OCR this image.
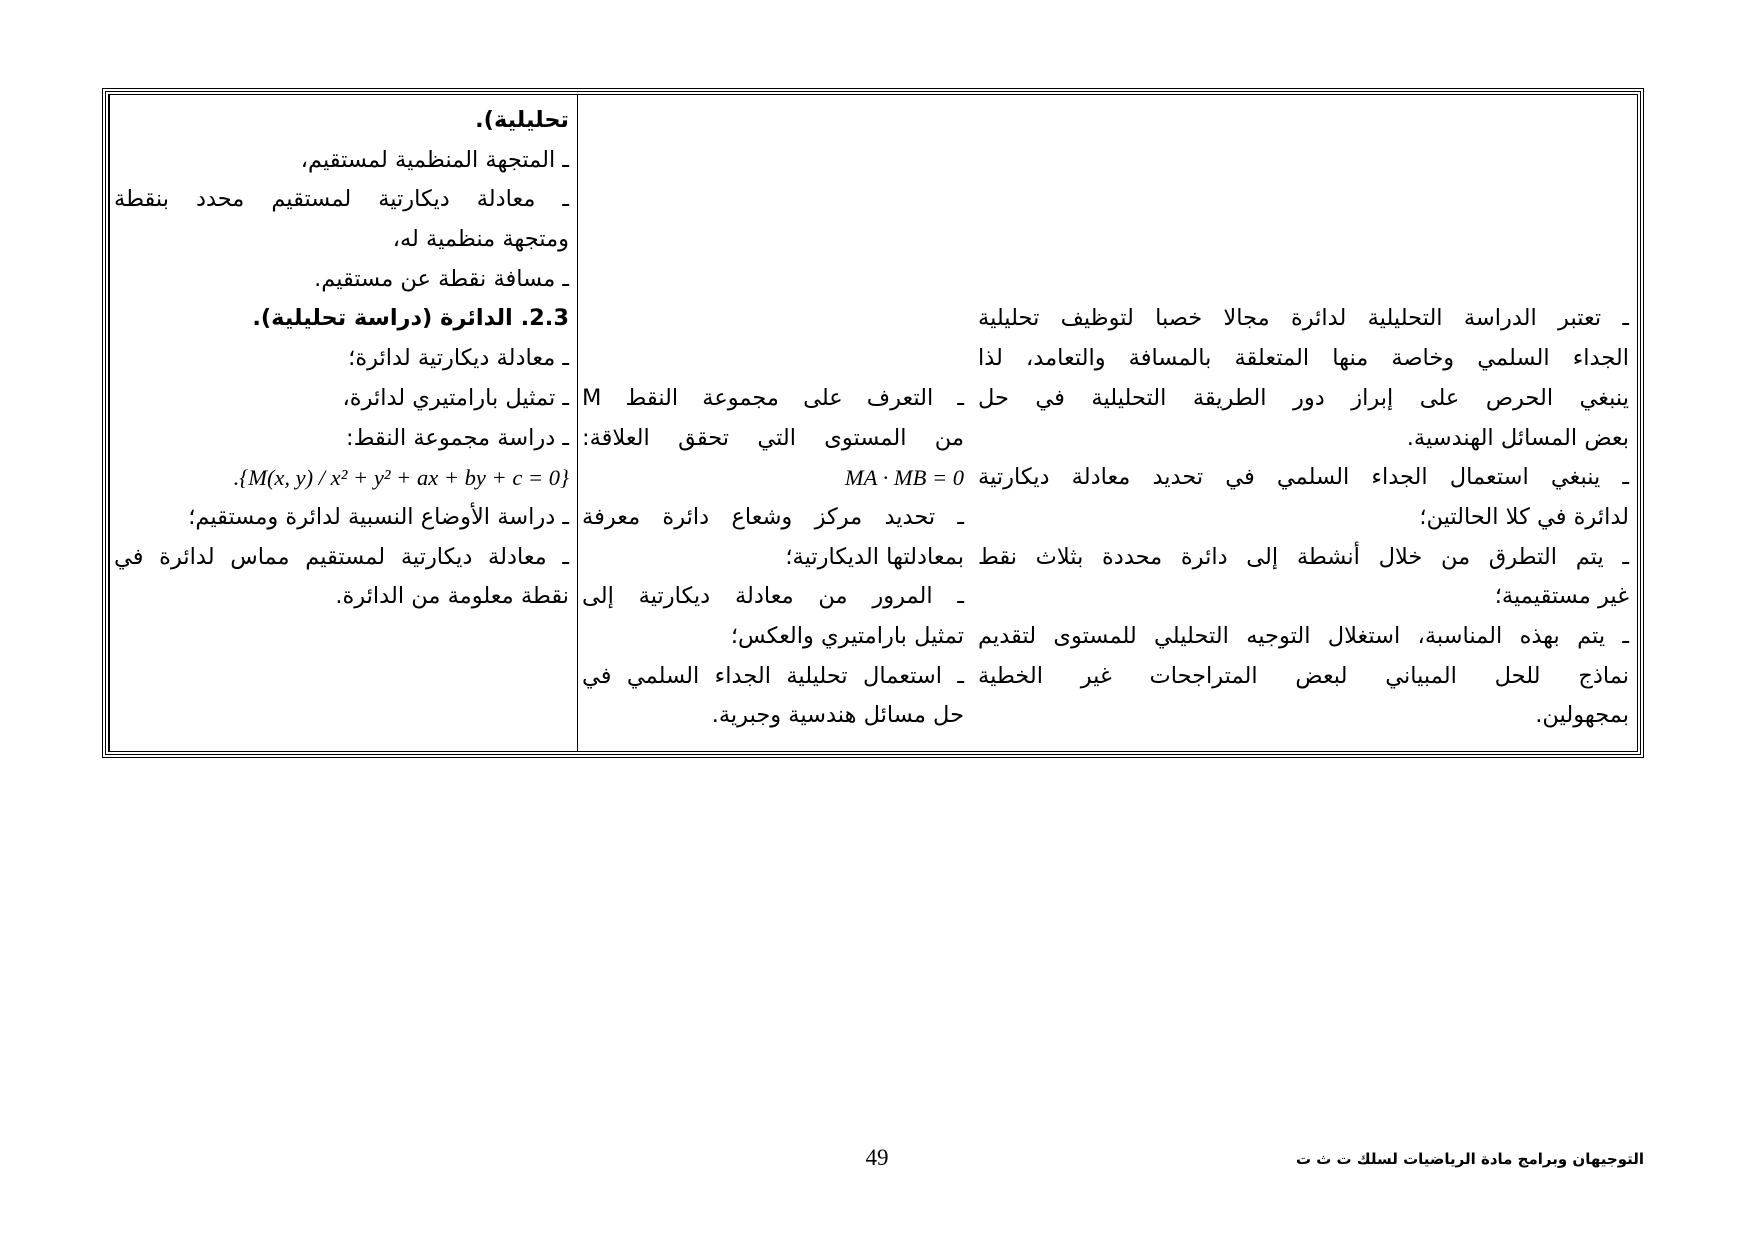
تحليلية).
ـ المتجهة المنظمية لمستقيم،
ـ معادلة ديكارتية لمستقيم محدد بنقطة
ومتجهة منظمية له،
ـ مسافة نقطة عن مستقيم.
2.3. الدائرة (دراسة تحليلية).
ـ معادلة ديكارتية لدائرة؛
ـ تمثيل بارامتيري لدائرة،
ـ دراسة مجموعة النقط:
.{M(x, y) / x² + y² + ax + by + c = 0}
ـ دراسة الأوضاع النسبية لدائرة ومستقيم؛
ـ معادلة ديكارتية لمستقيم مماس لدائرة في
نقطة معلومة من الدائرة.
ـ التعرف على مجموعة النقط M
من المستوى التي تحقق العلاقة:
MA · MB = 0
ـ تحديد مركز وشعاع دائرة معرفة
بمعادلتها الديكارتية؛
ـ المرور من معادلة ديكارتية إلى
تمثيل بارامتيري والعكس؛
ـ استعمال تحليلية الجداء السلمي في
حل مسائل هندسية وجبرية.
ـ تعتبر الدراسة التحليلية لدائرة مجالا خصبا لتوظيف تحليلية
الجداء السلمي وخاصة منها المتعلقة بالمسافة والتعامد، لذا
ينبغي الحرص على إبراز دور الطريقة التحليلية في حل
بعض المسائل الهندسية.
ـ ينبغي استعمال الجداء السلمي في تحديد معادلة ديكارتية
لدائرة في كلا الحالتين؛
ـ يتم التطرق من خلال أنشطة إلى دائرة محددة بثلاث نقط
غير مستقيمية؛
ـ يتم بهذه المناسبة، استغلال التوجيه التحليلي للمستوى لتقديم
نماذج للحل المبياني لبعض المتراجحات غير الخطية
بمجهولين.
49	التوجيهان وبرامج مادة الرياضيات لسلك ت ث ت
